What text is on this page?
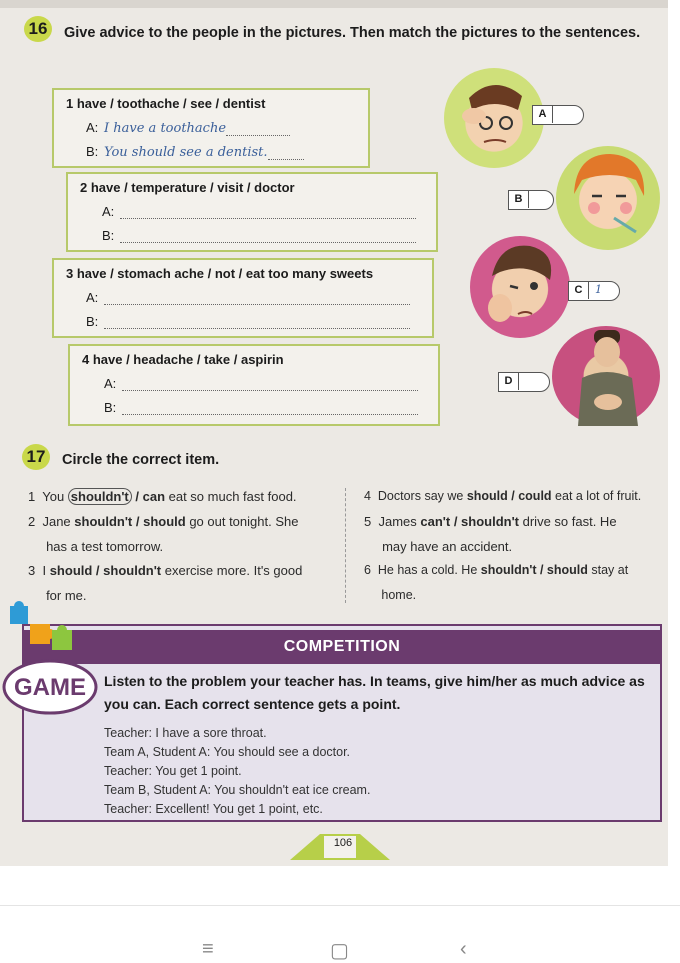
16	Give advice to the people in the pictures. Then match the pictures to the sentences.
1 have / toothache / see / dentist
A: I have a toothache
B: You should see a dentist.
2 have / temperature / visit / doctor
A:
B:
3 have / stomach ache / not / eat too many sweets
A:
B:
4 have / headache / take / aspirin
A:
B:
A
B
C	1
D
17	Circle the correct item.
1 You shouldn't / can eat so much fast food.
2 Jane shouldn't / should go out tonight. She
has a test tomorrow.
3 I should / shouldn't exercise more. It's good
for me.
4 Doctors say we should / could eat a lot of fruit.
5 James can't / shouldn't drive so fast. He
may have an accident.
6 He has a cold. He shouldn't / should stay at
home.
COMPETITION
Listen to the problem your teacher has. In teams, give him/her as much advice as you can. Each correct sentence gets a point.
Teacher: I have a sore throat.
Team A, Student A: You should see a doctor.
Teacher: You get 1 point.
Team B, Student A: You shouldn't eat ice cream.
Teacher: Excellent! You get 1 point, etc.
GAME
106
≡	▢	‹
